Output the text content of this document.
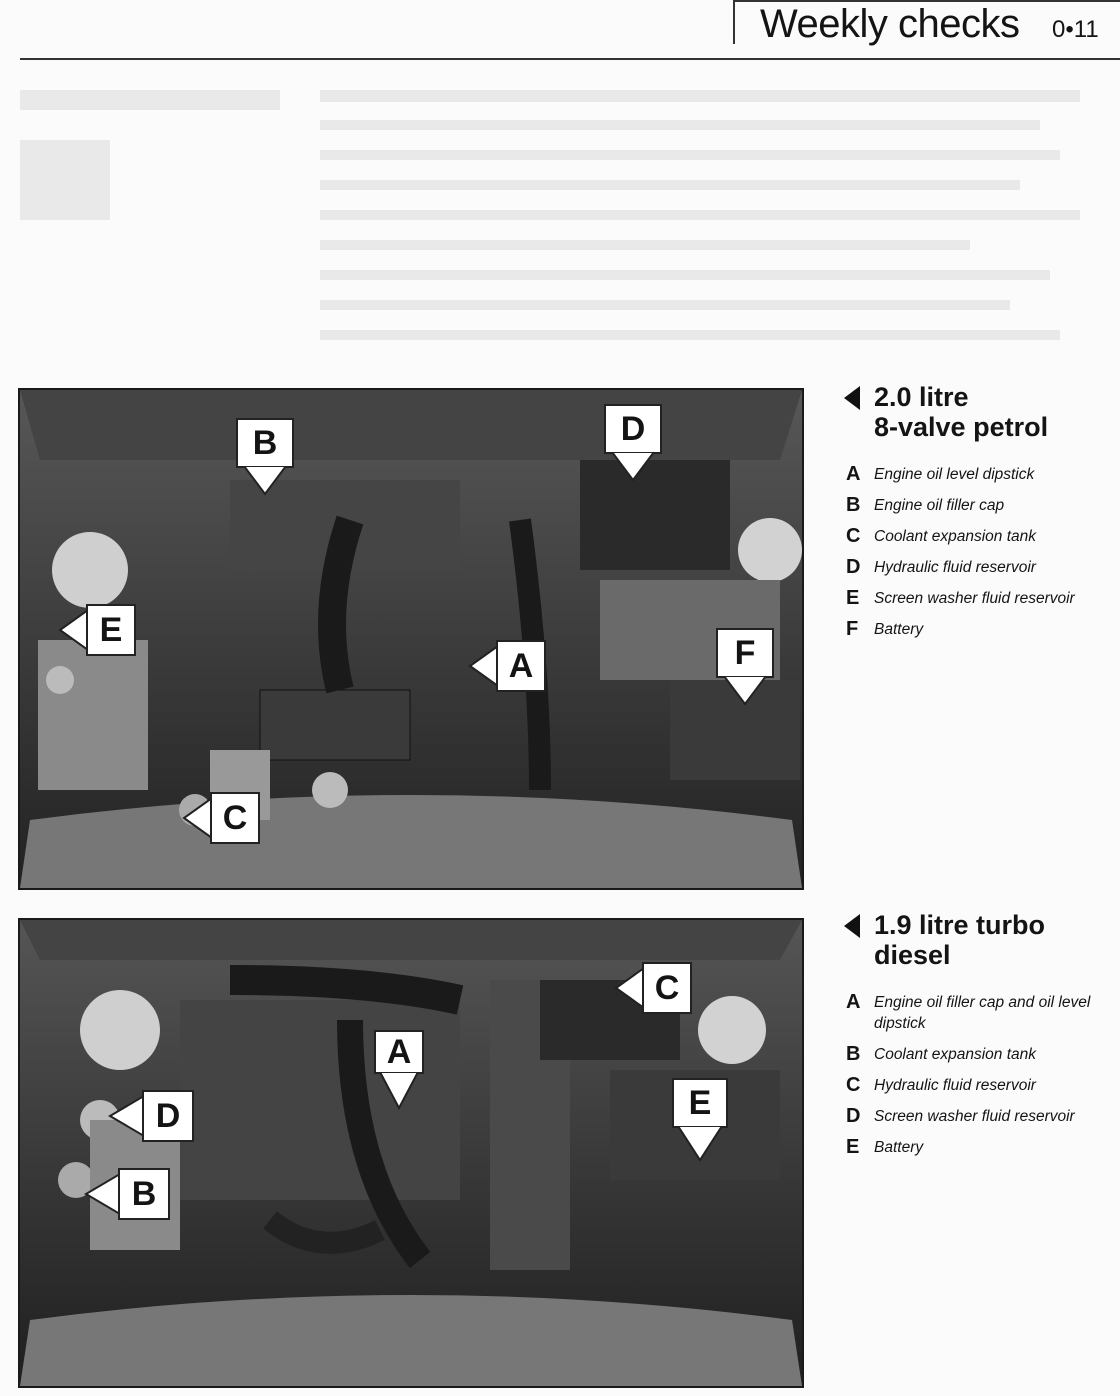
Weekly checks 0•11
B	D
E
A	F
C
C
A
D	E
B
2.0 litre
8-valve petrol
A Engine oil level dipstick
B Engine oil filler cap
C Coolant expansion tank
D Hydraulic fluid reservoir
E Screen washer fluid reservoir
F Battery
1.9 litre turbo
diesel
A Engine oil filler cap and oil level dipstick
B Coolant expansion tank
C Hydraulic fluid reservoir
D Screen washer fluid reservoir
E Battery
